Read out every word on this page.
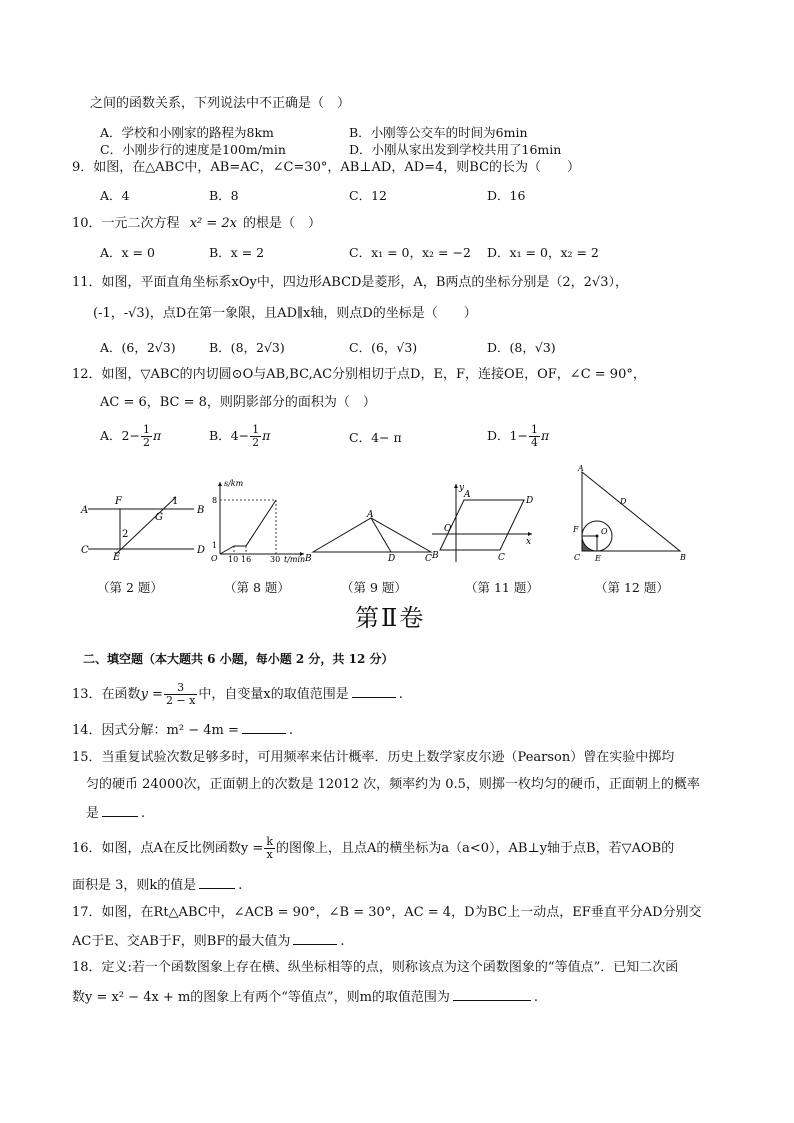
之间的函数关系，下列说法中不正确是（　）
A．学校和小刚家的路程为8km	B．小刚等公交车的时间为6min
C．小刚步行的速度是100m/min	D．小刚从家出发到学校共用了16min
9．如图，在△ABC中，AB=AC，∠C=30°，AB⊥AD，AD=4，则BC的长为（　　）
A．4	B．8	C．12	D．16
10．一元二次方程 x² = 2x 的根是（　）
A．x = 0	B．x = 2	C．x₁ = 0，x₂ = −2 D．x₁ = 0，x₂ = 2
11．如图，平面直角坐标系xOy中，四边形ABCD是菱形，A，B两点的坐标分别是（2，2√3），
(-1，-√3)，点D在第一象限，且AD∥x轴，则点D的坐标是（　　）
A．(6，2√3)	B．(8，2√3)	C．(6，√3)	D．(8，√3)
12．如图，▽ABC的内切圆⊙O与AB,BC,AC分别相切于点D，E，F，连接OE，OF，∠C = 90°，
AC = 6，BC = 8，则阴影部分的面积为（　）
A．$2- \frac{1}{2}$ π	B．$4- \frac{1}{2}$ π	C．4− π	D．$1- \frac{1}{4}$ π
A	B
C	D
F
E
G
1
2
s/km
8
1
O 10 16 30 t/min
A
B	C
D
y
x
O
A
D
B	C
A
C	B
D
E
F	O
（第 2 题）	（第 8 题）	（第 9 题）	（第 11 题）	（第 12 题）
第Ⅱ卷
二、填空题（本大题共 6 小题，每小题 2 分，共 12 分）
13．在函数$y = \frac{3}{2 - x}$ 中，自变量x的取值范围是	.
14．因式分解：m² − 4m =	.
15．当重复试验次数足够多时，可用频率来估计概率．历史上数学家皮尔逊（Pearson）曾在实验中掷均
匀的硬币 24000次，正面朝上的次数是 12012 次，频率约为 0.5，则掷一枚均匀的硬币，正面朝上的概率
是	.
16．如图，点A在反比例函数$y = \frac{k}{x}$ 的图像上，且点A的横坐标为a（a<0），AB⊥y轴于点B，若▽AOB的
面积是 3，则k的值是	.
17．如图，在Rt△ABC中，∠ACB = 90°，∠B = 30°，AC = 4，D为BC上一动点，EF垂直平分AD分别交
AC于E、交AB于F，则BF的最大值为	.
18．定义:若一个函数图象上存在横、纵坐标相等的点，则称该点为这个函数图象的“等值点”．已知二次函
数y = x² − 4x + m的图象上有两个“等值点”，则m的取值范围为	.
